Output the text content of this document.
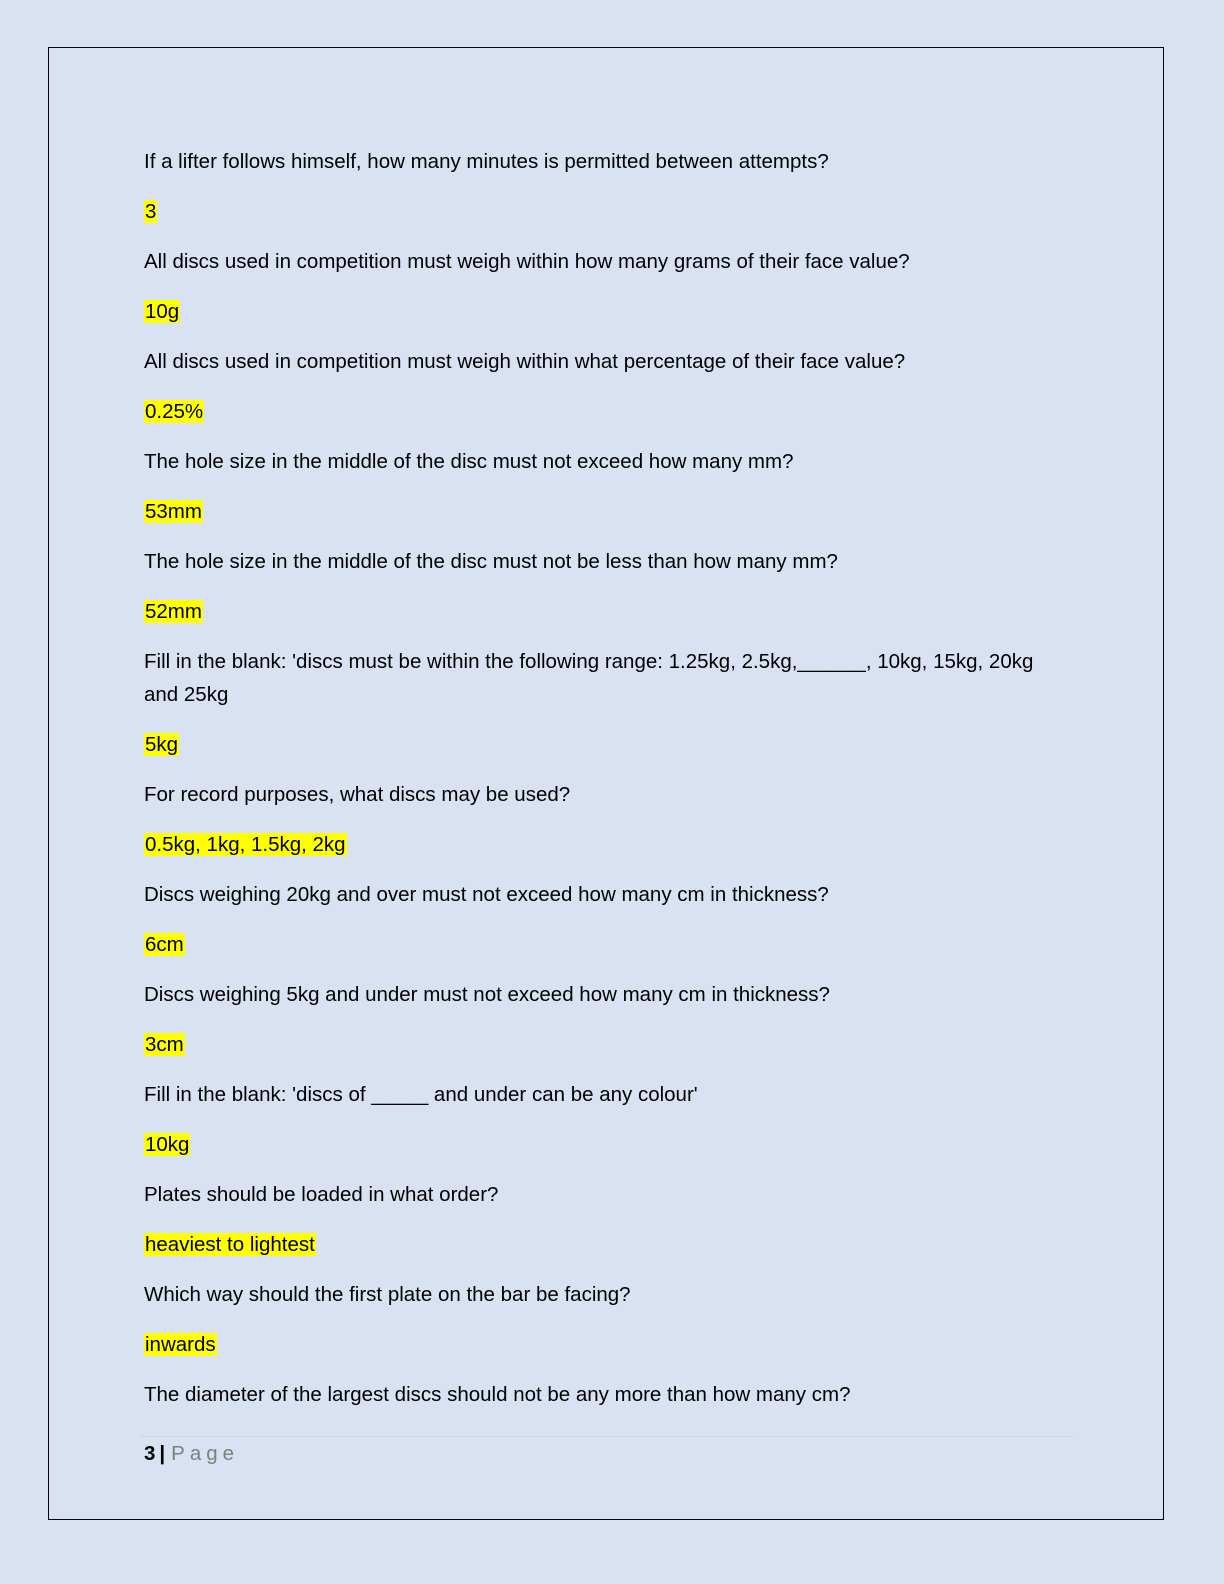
If a lifter follows himself, how many minutes is permitted between attempts?

3

All discs used in competition must weigh within how many grams of their face value?

10g

All discs used in competition must weigh within what percentage of their face value?

0.25%

The hole size in the middle of the disc must not exceed how many mm?

53mm

The hole size in the middle of the disc must not be less than how many mm?

52mm

Fill in the blank: 'discs must be within the following range: 1.25kg, 2.5kg,______, 10kg, 15kg, 20kg and 25kg

5kg

For record purposes, what discs may be used?

0.5kg, 1kg, 1.5kg, 2kg

Discs weighing 20kg and over must not exceed how many cm in thickness?

6cm

Discs weighing 5kg and under must not exceed how many cm in thickness?

3cm

Fill in the blank: 'discs of _____ and under can be any colour'

10kg

Plates should be loaded in what order?

heaviest to lightest

Which way should the first plate on the bar be facing?

inwards

The diameter of the largest discs should not be any more than how many cm?

3 | Page
